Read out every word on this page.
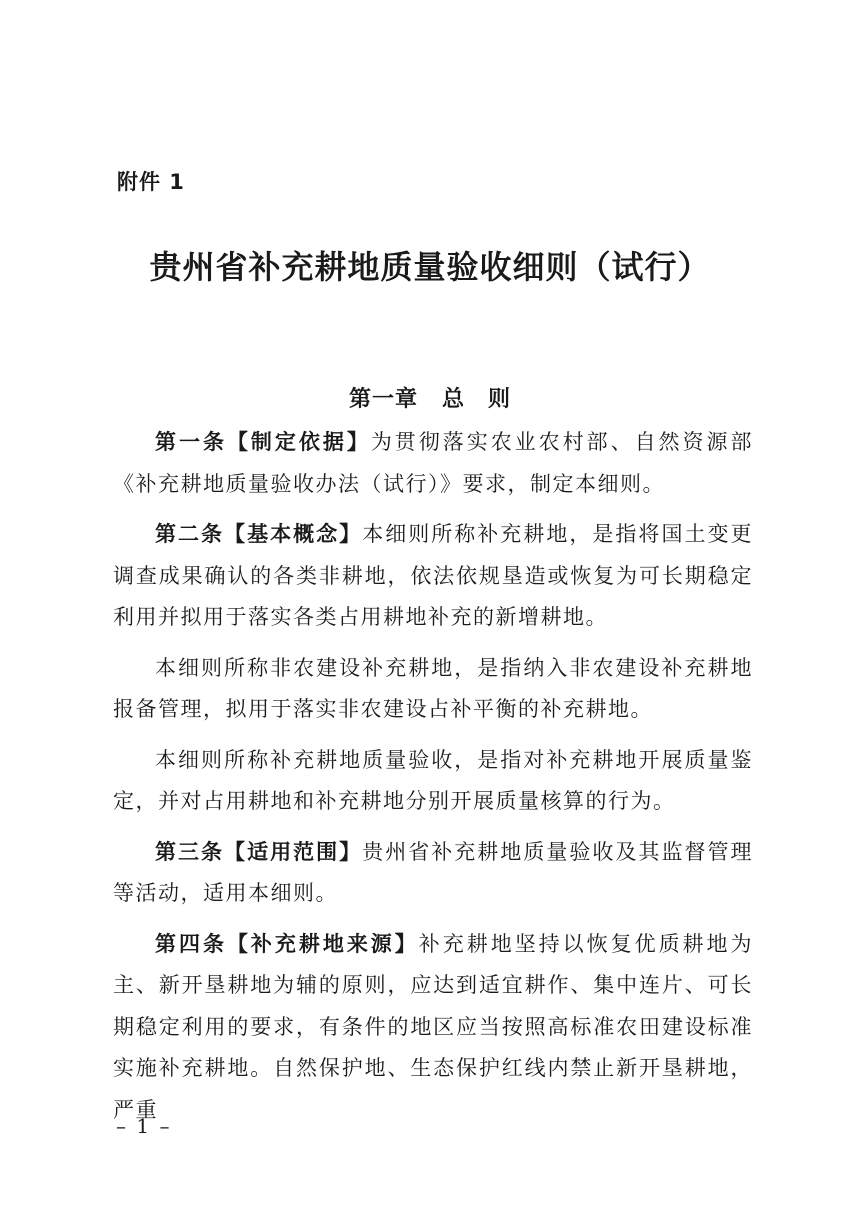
附件 1
贵州省补充耕地质量验收细则（试行）
第一章 总　则

第一条【制定依据】为贯彻落实农业农村部、自然资源部《补充耕地质量验收办法（试行）》要求，制定本细则。

第二条【基本概念】本细则所称补充耕地，是指将国土变更调查成果确认的各类非耕地，依法依规垦造或恢复为可长期稳定利用并拟用于落实各类占用耕地补充的新增耕地。

本细则所称非农建设补充耕地，是指纳入非农建设补充耕地报备管理，拟用于落实非农建设占补平衡的补充耕地。

本细则所称补充耕地质量验收，是指对补充耕地开展质量鉴定，并对占用耕地和补充耕地分别开展质量核算的行为。

第三条【适用范围】贵州省补充耕地质量验收及其监督管理等活动，适用本细则。

第四条【补充耕地来源】补充耕地坚持以恢复优质耕地为主、新开垦耕地为辅的原则，应达到适宜耕作、集中连片、可长期稳定利用的要求，有条件的地区应当按照高标准农田建设标准实施补充耕地。自然保护地、生态保护红线内禁止新开垦耕地，严重

– 1 –
